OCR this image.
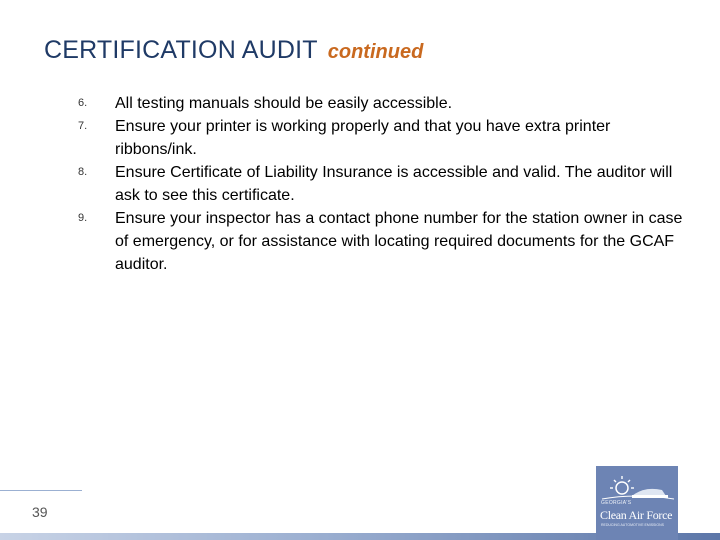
CERTIFICATION AUDIT continued
6.	All testing manuals should be easily accessible.
7.	Ensure your printer is working properly and that you have extra printer ribbons/ink.
8.	Ensure Certificate of Liability Insurance is accessible and valid. The auditor will ask to see this certificate.
9.	Ensure your inspector has a contact phone number for the station owner in case of emergency, or for assistance with locating required documents for the GCAF auditor.
39
GEORGIA'S
Clean Air Force
REDUCING AUTOMOTIVE EMISSIONS
